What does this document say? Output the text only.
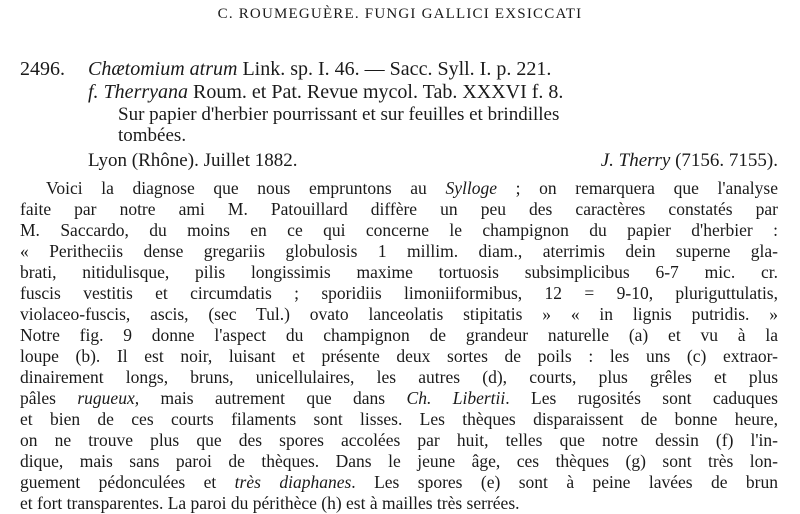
C. ROUMEGUÈRE. FUNGI GALLICI EXSICCATI
2496. Chætomium atrum Link. sp. I. 46. — Sacc. Syll. I. p. 221.
f. Therryana Roum. et Pat. Revue mycol. Tab. XXXVI f. 8.
Sur papier d'herbier pourrissant et sur feuilles et brindilles
tombées.
Lyon (Rhône). Juillet 1882.	J. Therry (7156. 7155).
Voici la diagnose que nous empruntons au Sylloge ; on remarquera que l'analyse
faite par notre ami M. Patouillard diffère un peu des caractères constatés par
M. Saccardo, du moins en ce qui concerne le champignon du papier d'herbier :
« Peritheciis dense gregariis globulosis 1 millim. diam., aterrimis dein superne gla-
brati, nitidulisque, pilis longissimis maxime tortuosis subsimplicibus 6-7 mic. cr.
fuscis vestitis et circumdatis ; sporidiis limoniiformibus, 12 = 9-10, pluriguttulatis,
violaceo-fuscis, ascis, (sec Tul.) ovato lanceolatis stipitatis » « in lignis putridis. »
Notre fig. 9 donne l'aspect du champignon de grandeur naturelle (a) et vu à la
loupe (b). Il est noir, luisant et présente deux sortes de poils : les uns (c) extraor-
dinairement longs, bruns, unicellulaires, les autres (d), courts, plus grêles et plus
pâles rugueux, mais autrement que dans Ch. Libertii. Les rugosités sont caduques
et bien de ces courts filaments sont lisses. Les thèques disparaissent de bonne heure,
on ne trouve plus que des spores accolées par huit, telles que notre dessin (f) l'in-
dique, mais sans paroi de thèques. Dans le jeune âge, ces thèques (g) sont très lon-
guement pédonculées et très diaphanes. Les spores (e) sont à peine lavées de brun
et fort transparentes. La paroi du périthèce (h) est à mailles très serrées.
